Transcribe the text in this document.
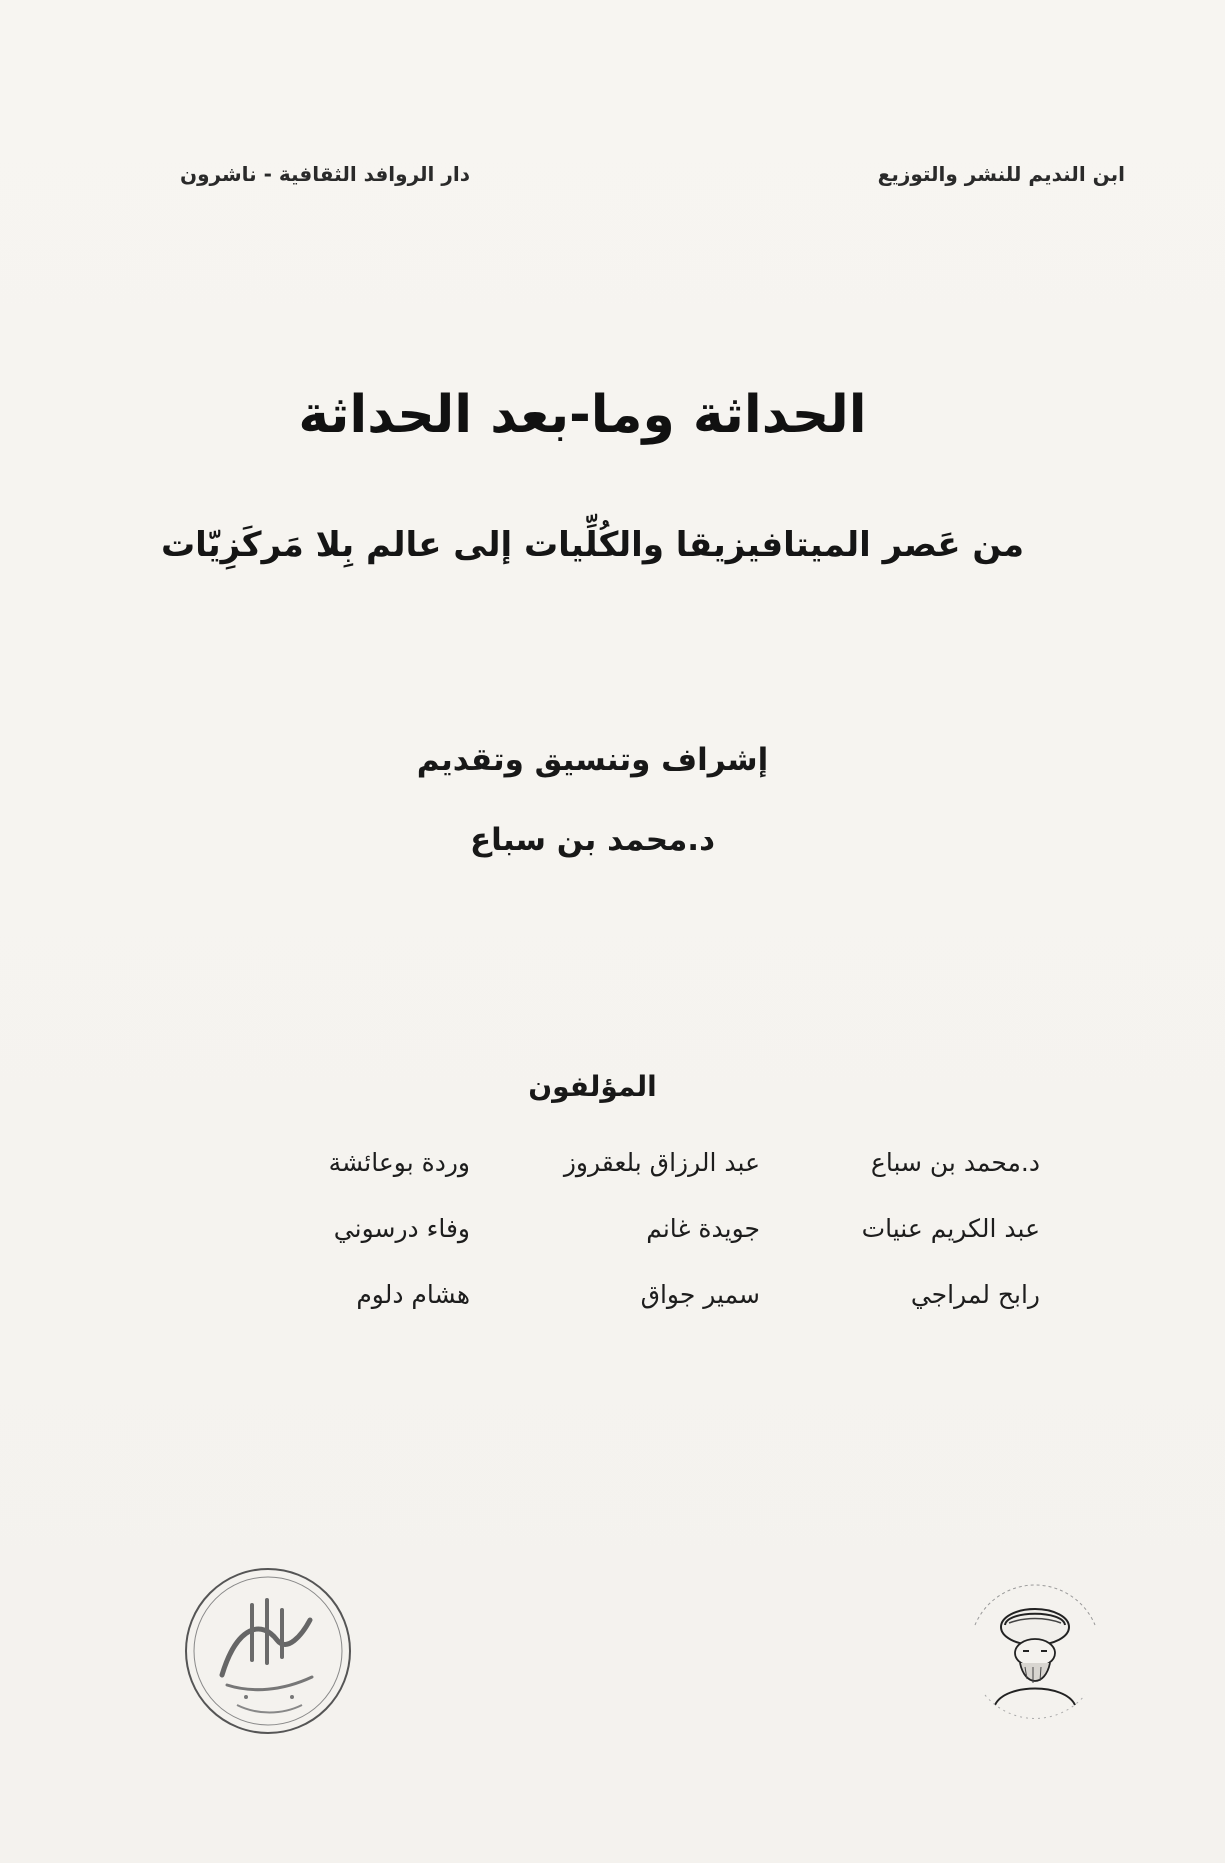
ابن النديم للنشر والتوزيع
دار الروافد الثقافية - ناشرون
الحداثة وما-بعد الحداثة
من عَصر الميتافيزيقا والكُلِّيات إلى عالم بِلا مَركَزِيّات
إشراف وتنسيق وتقديم
د.محمد بن سباع
المؤلفون
د.محمد بن سباع
عبد الرزاق بلعقروز
وردة بوعائشة
عبد الكريم عنيات
جويدة غانم
وفاء درسوني
رابح لمراجي
سمير جواق
هشام دلوم
